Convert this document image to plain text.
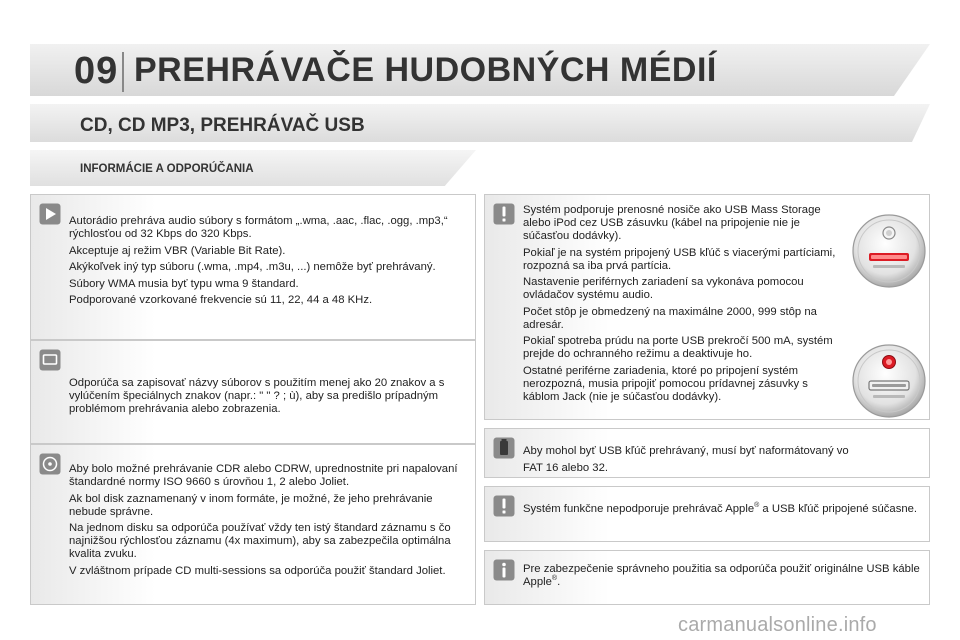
09 PREHRÁVAČE HUDOBNÝCH MÉDIÍ
CD, CD MP3, PREHRÁVAČ USB
INFORMÁCIE A ODPORÚČANIA

Autorádio prehráva audio súbory s formátom „.wma, .aac, .flac, .ogg, .mp3,“ rýchlosťou od 32 Kbps do 320 Kbps.

Akceptuje aj režim VBR (Variable Bit Rate).

Akýkoľvek iný typ súboru (.wma, .mp4, .m3u, ...) nemôže byť prehrávaný.

Súbory WMA musia byť typu wma 9 štandard.

Podporované vzorkované frekvencie sú 11, 22, 44 a 48 KHz.

Odporúča sa zapisovať názvy súborov s použitím menej ako 20 znakov a s vylúčením špeciálnych znakov (napr.: " " ? ; ù), aby sa predišlo prípadným problémom prehrávania alebo zobrazenia.

Aby bolo možné prehrávanie CDR alebo CDRW, uprednostnite pri napalovaní štandardné normy ISO 9660 s úrovňou 1, 2 alebo Joliet.

Ak bol disk zaznamenaný v inom formáte, je možné, že jeho prehrávanie nebude správne.

Na jednom disku sa odporúča používať vždy ten istý štandard záznamu s čo najnižšou rýchlosťou záznamu (4x maximum), aby sa zabezpečila optimálna kvalita zvuku.

V zvláštnom prípade CD multi-sessions sa odporúča použiť štandard Joliet.

Systém podporuje prenosné nosiče ako USB Mass Storage alebo iPod cez USB zásuvku (kábel na pripojenie nie je súčasťou dodávky).

Pokiaľ je na systém pripojený USB kľúč s viacerými partíciami, rozpozná sa iba prvá partícia.

Nastavenie periférnych zariadení sa vykonáva pomocou ovládačov systému audio.

Počet stôp je obmedzený na maximálne 2000, 999 stôp na adresár.

Pokiaľ spotreba prúdu na porte USB prekročí 500 mA, systém prejde do ochranného režimu a deaktivuje ho.

Ostatné periférne zariadenia, ktoré po pripojení systém nerozpozná, musia pripojiť pomocou prídavnej zásuvky s káblom Jack (nie je súčasťou dodávky).

Aby mohol byť USB kľúč prehrávaný, musí byť naformátovaný vo
FAT 16 alebo 32.

Systém funkčne nepodporuje prehrávač Apple® a USB kľúč pripojené súčasne.

Pre zabezpečenie správneho použitia sa odporúča použiť originálne USB káble Apple®.

carmanualsonline.info
